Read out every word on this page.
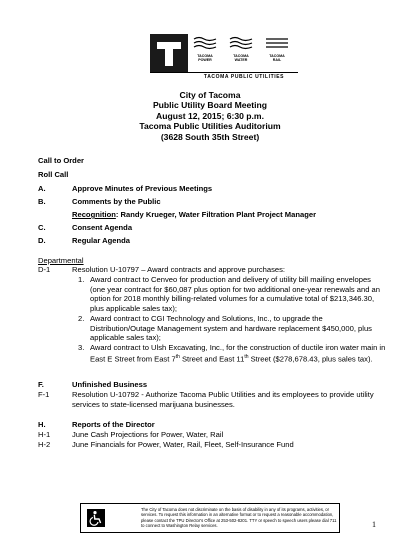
TACOMA
POWER
TACOMA
WATER
TACOMA
RAIL
TACOMA PUBLIC UTILITIES
City of Tacoma
Public Utility Board Meeting
August 12, 2015; 6:30 p.m.
Tacoma Public Utilities Auditorium
(3628 South 35th Street)
Call to Order
Roll Call
A.	Approve Minutes of Previous Meetings
B.	Comments by the Public
Recognition: Randy Krueger, Water Filtration Plant Project Manager
C.	Consent Agenda
D.	Regular Agenda
Departmental
D-1	Resolution U-10797 – Award contracts and approve purchases:
1. Award contract to Cenveo for production and delivery of utility bill mailing envelopes (one year contract for $60,087 plus option for two additional one-year renewals and an option for 2018 monthly billing-related volumes for a cumulative total of $213,346.30, plus applicable sales tax);
2. Award contract to CGI Technology and Solutions, Inc., to upgrade the Distribution/Outage Management system and hardware replacement $450,000, plus applicable sales tax);
3. Award contract to Ulsh Excavating, Inc., for the construction of ductile iron water main in East E Street from East 7th Street and East 11th Street ($278,678.43, plus sales tax).
F.	Unfinished Business
F-1	Resolution U-10792 - Authorize Tacoma Public Utilities and its employees to provide utility services to state-licensed marijuana businesses.
H.	Reports of the Director
H-1	June Cash Projections for Power, Water, Rail
H-2	June Financials for Power, Water, Rail, Fleet, Self-Insurance Fund
The City of Tacoma does not discriminate on the basis of disability in any of its programs, activities, or services. To request this information in an alternative format or to request a reasonable accommodation, please contact the TPU Director's Office at 253-502-8201. TTY or speech to speech users please dial 711 to connect to Washington Relay services.	1
